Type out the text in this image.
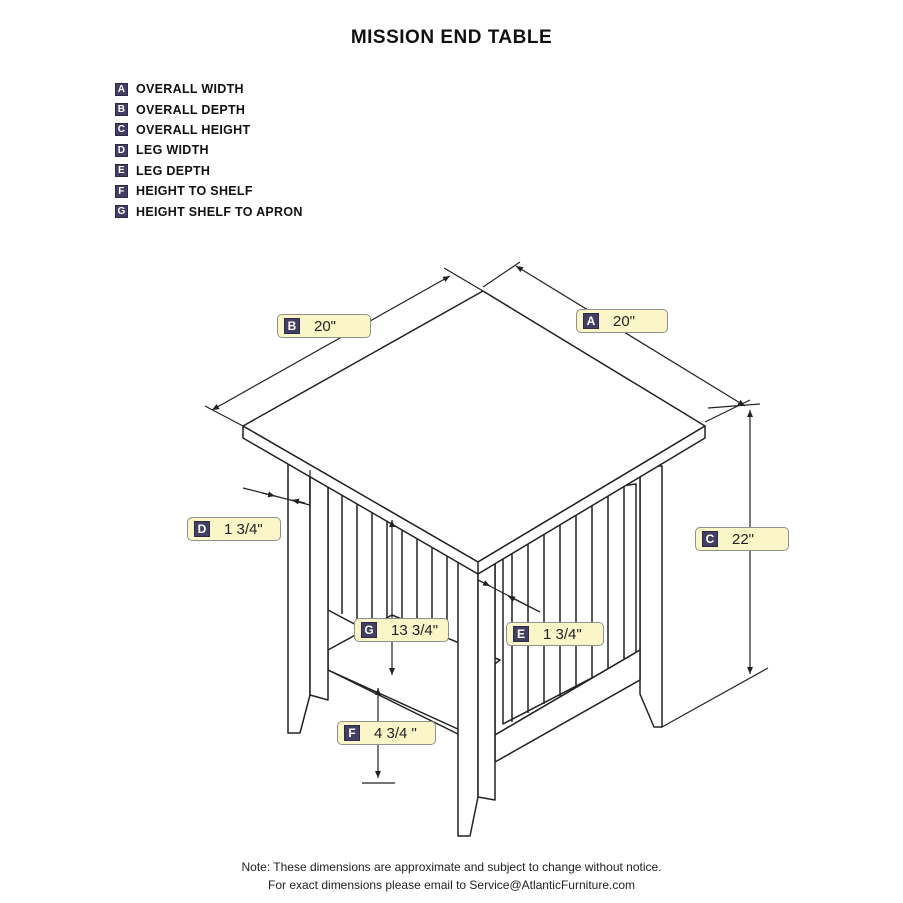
MISSION END TABLE
A OVERALL WIDTH
B OVERALL DEPTH
C OVERALL HEIGHT
D LEG WIDTH
E LEG DEPTH
F HEIGHT TO SHELF
G HEIGHT SHELF TO APRON
B 20"	A 20"
C 22"
D 1 3/4"
E 1 3/4"
G 13 3/4"
F 4 3/4 "
Note: These dimensions are approximate and subject to change without notice.
For exact dimensions please email to Service@AtlanticFurniture.com
